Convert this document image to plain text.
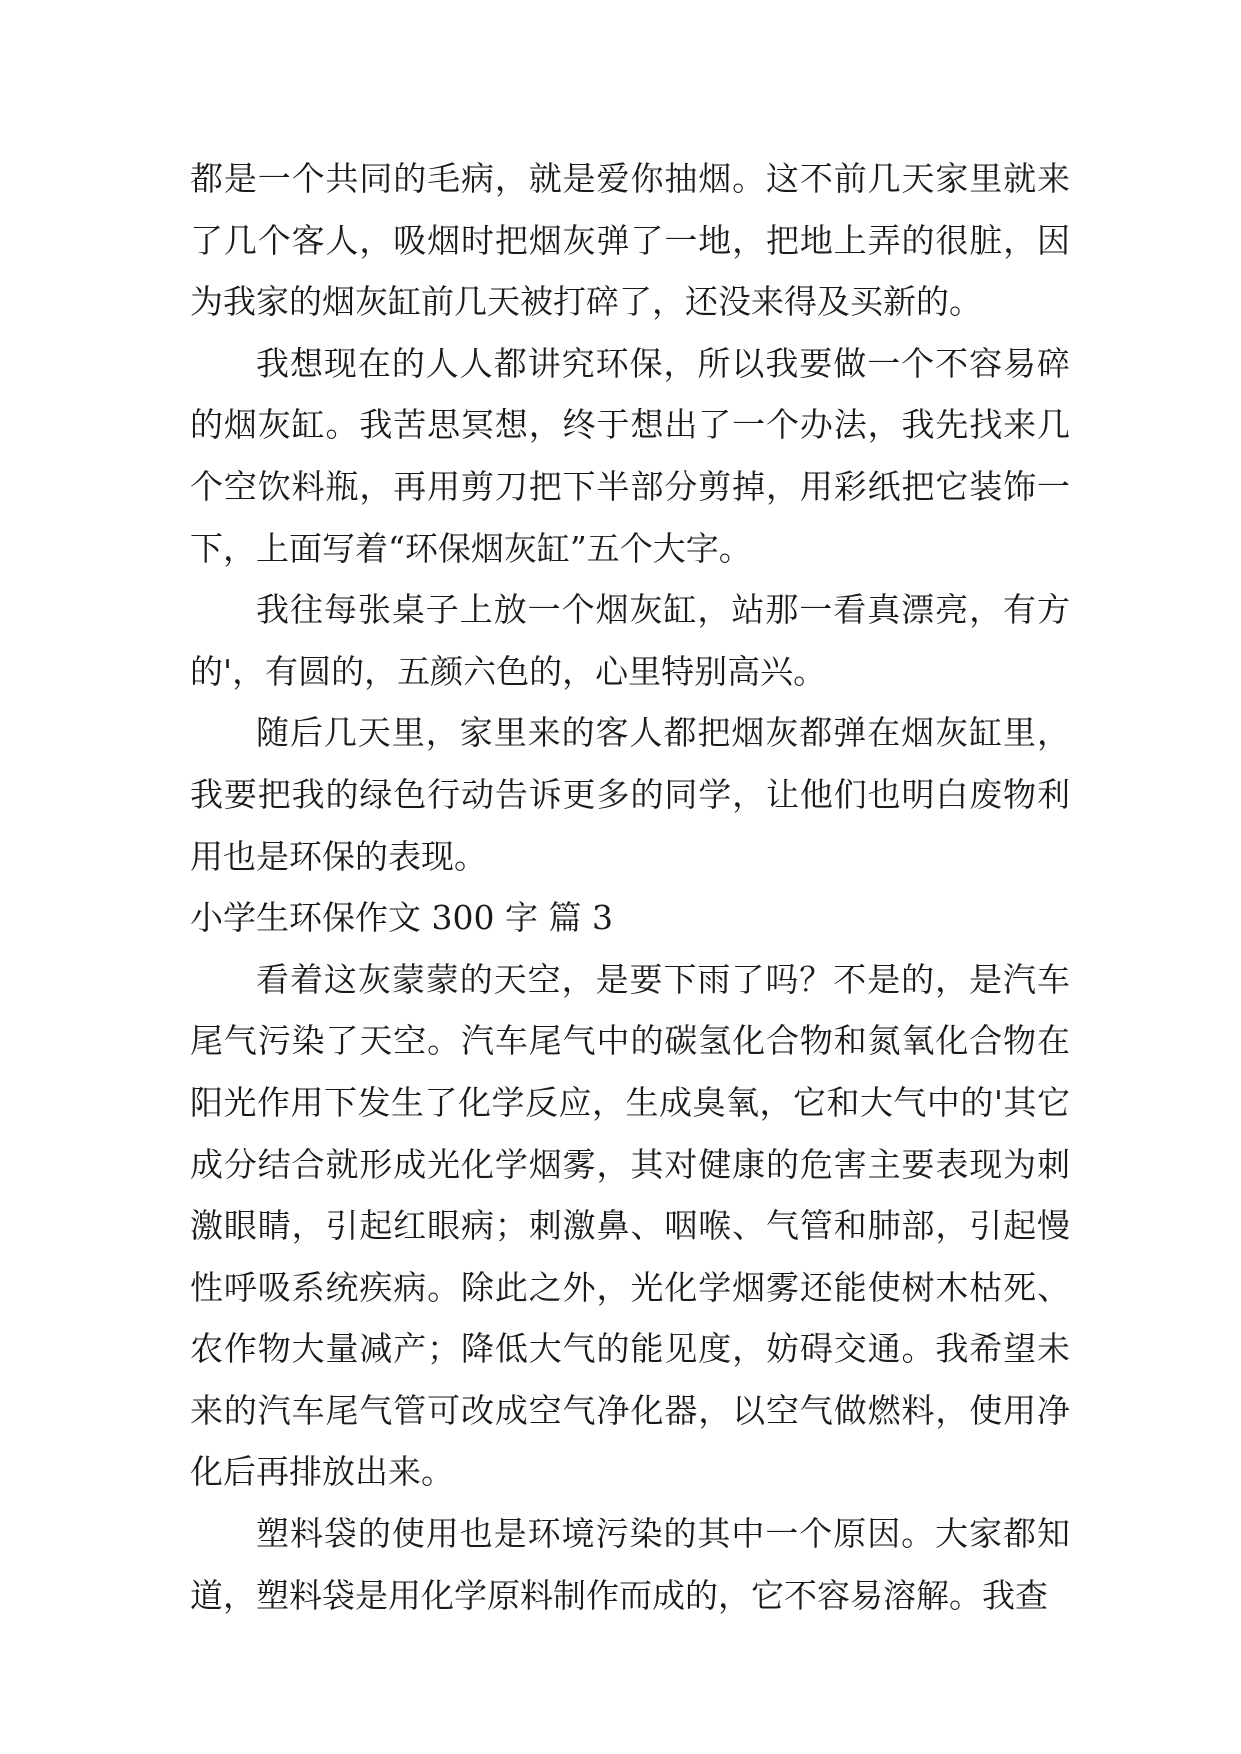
都是一个共同的毛病，就是爱你抽烟。这不前几天家里就来了几个客人，吸烟时把烟灰弹了一地，把地上弄的很脏，因为我家的烟灰缸前几天被打碎了，还没来得及买新的。

我想现在的人人都讲究环保，所以我要做一个不容易碎的烟灰缸。我苦思冥想，终于想出了一个办法，我先找来几个空饮料瓶，再用剪刀把下半部分剪掉，用彩纸把它装饰一下，上面写着“环保烟灰缸”五个大字。

我往每张桌子上放一个烟灰缸，站那一看真漂亮，有方的'，有圆的，五颜六色的，心里特别高兴。

随后几天里，家里来的客人都把烟灰都弹在烟灰缸里，我要把我的绿色行动告诉更多的同学，让他们也明白废物利用也是环保的表现。

小学生环保作文 300 字 篇 3

看着这灰蒙蒙的天空，是要下雨了吗？不是的，是汽车尾气污染了天空。汽车尾气中的碳氢化合物和氮氧化合物在阳光作用下发生了化学反应，生成臭氧，它和大气中的'其它成分结合就形成光化学烟雾，其对健康的危害主要表现为刺激眼睛，引起红眼病；刺激鼻、咽喉、气管和肺部，引起慢性呼吸系统疾病。除此之外，光化学烟雾还能使树木枯死、农作物大量减产；降低大气的能见度，妨碍交通。我希望未来的汽车尾气管可改成空气净化器，以空气做燃料，使用净化后再排放出来。

塑料袋的使用也是环境污染的其中一个原因。大家都知道，塑料袋是用化学原料制作而成的，它不容易溶解。我查
